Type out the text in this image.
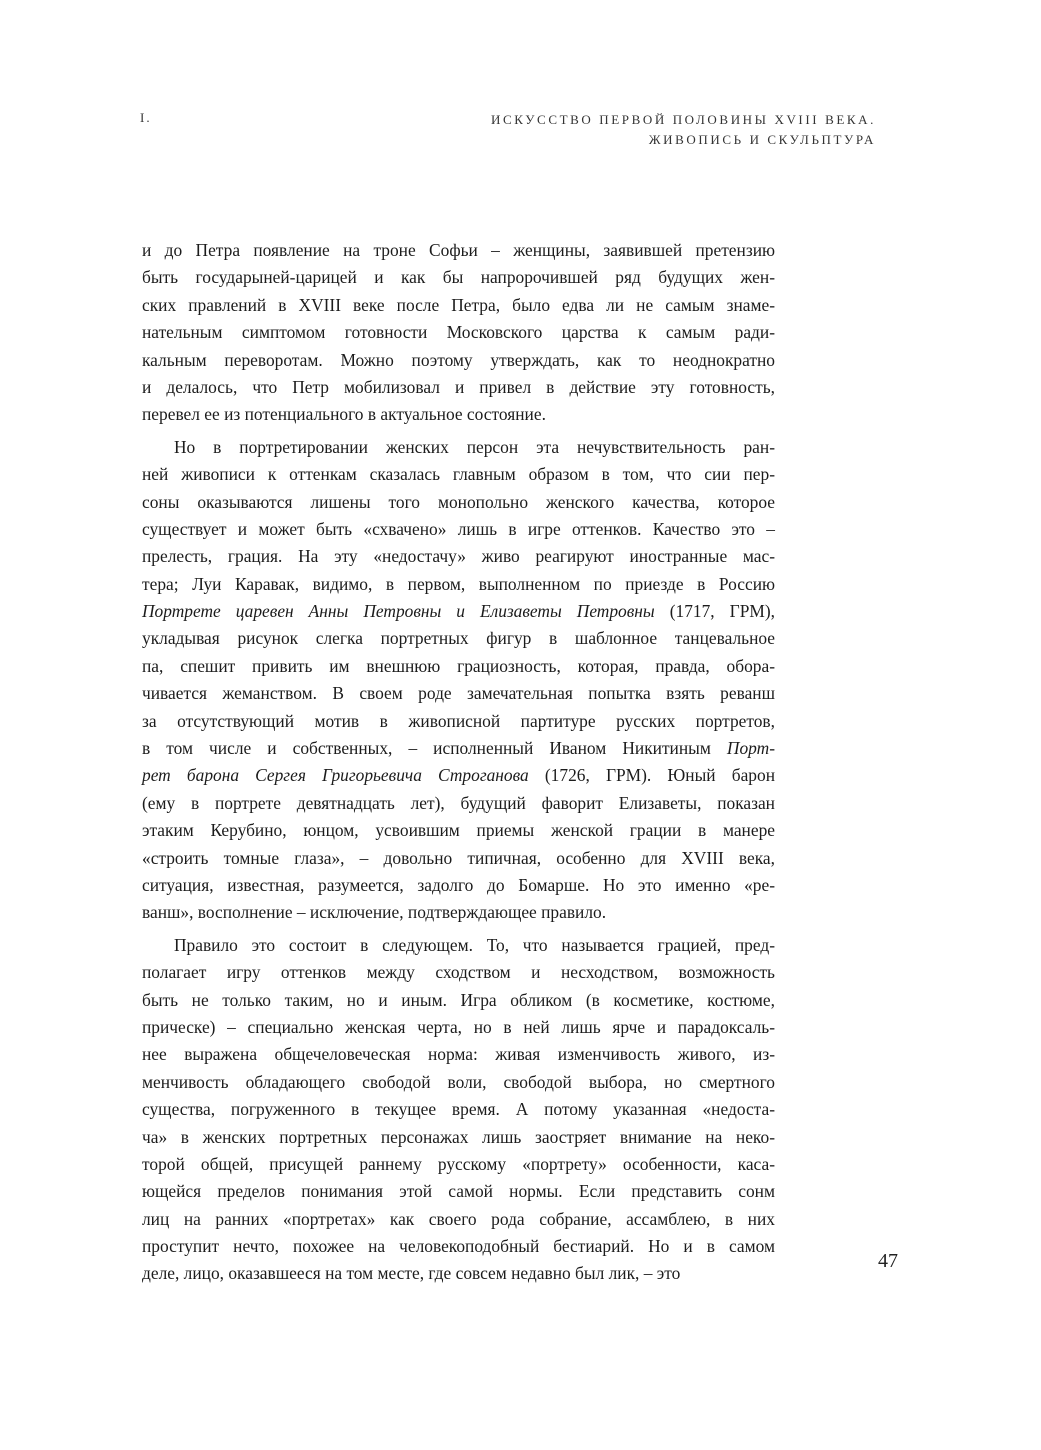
I.	ИСКУССТВО ПЕРВОЙ ПОЛОВИНЫ XVIII ВЕКА.
ЖИВОПИСЬ И СКУЛЬПТУРА
и до Петра появление на троне Софьи – женщины, заявившей претензию
быть государыней-царицей и как бы напророчившей ряд будущих жен-
ских правлений в XVIII веке после Петра, было едва ли не самым знаме-
нательным симптомом готовности Московского царства к самым ради-
кальным переворотам. Можно поэтому утверждать, как то неоднократно
и делалось, что Петр мобилизовал и привел в действие эту готовность,
перевел ее из потенциального в актуальное состояние.
Но в портретировании женских персон эта нечувствительность ран-
ней живописи к оттенкам сказалась главным образом в том, что сии пер-
соны оказываются лишены того монопольно женского качества, которое
существует и может быть «схвачено» лишь в игре оттенков. Качество это –
прелесть, грация. На эту «недостачу» живо реагируют иностранные мас-
тера; Луи Каравак, видимо, в первом, выполненном по приезде в Россию
Портрете царевен Анны Петровны и Елизаветы Петровны (1717, ГРМ),
укладывая рисунок слегка портретных фигур в шаблонное танцевальное
па, спешит привить им внешнюю грациозность, которая, правда, обора-
чивается жеманством. В своем роде замечательная попытка взять реванш
за отсутствующий мотив в живописной партитуре русских портретов,
в том числе и собственных, – исполненный Иваном Никитиным Порт-
рет барона Сергея Григорьевича Строганова (1726, ГРМ). Юный барон
(ему в портрете девятнадцать лет), будущий фаворит Елизаветы, показан
этаким Керубино, юнцом, усвоившим приемы женской грации в манере
«строить томные глаза», – довольно типичная, особенно для XVIII века,
ситуация, известная, разумеется, задолго до Бомарше. Но это именно «ре-
ванш», восполнение – исключение, подтверждающее правило.
Правило это состоит в следующем. То, что называется грацией, пред-
полагает игру оттенков между сходством и несходством, возможность
быть не только таким, но и иным. Игра обликом (в косметике, костюме,
прическе) – специально женская черта, но в ней лишь ярче и парадоксаль-
нее выражена общечеловеческая норма: живая изменчивость живого, из-
менчивость обладающего свободой воли, свободой выбора, но смертного
существа, погруженного в текущее время. А потому указанная «недоста-
ча» в женских портретных персонажах лишь заостряет внимание на неко-
торой общей, присущей раннему русскому «портрету» особенности, каса-
ющейся пределов понимания этой самой нормы. Если представить сонм
лиц на ранних «портретах» как своего рода собрание, ассамблею, в них
проступит нечто, похожее на человекоподобный бестиарий. Но и в самом
деле, лицо, оказавшееся на том месте, где совсем недавно был лик, – это
47
